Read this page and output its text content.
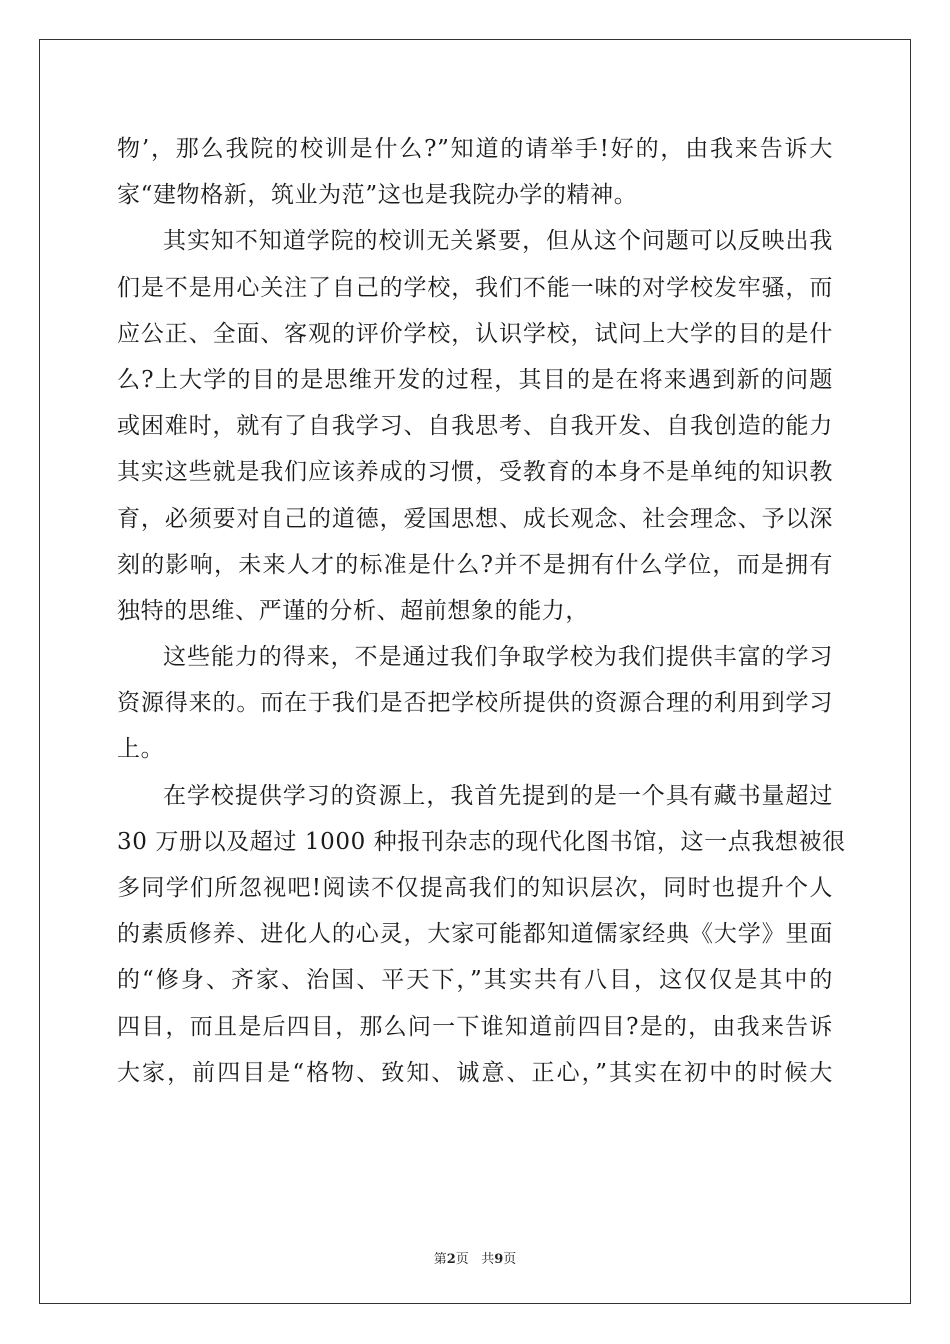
物’，那么我院的校训是什么?”知道的请举手!好的，由我来告诉大
家“建物格新，筑业为范”这也是我院办学的精神。
其实知不知道学院的校训无关紧要，但从这个问题可以反映出我
们是不是用心关注了自己的学校，我们不能一味的对学校发牢骚，而
应公正、全面、客观的评价学校，认识学校，试问上大学的目的是什
么?上大学的目的是思维开发的过程，其目的是在将来遇到新的问题
或困难时，就有了自我学习、自我思考、自我开发、自我创造的能力
其实这些就是我们应该养成的习惯，受教育的本身不是单纯的知识教
育，必须要对自己的道德，爱国思想、成长观念、社会理念、予以深
刻的影响，未来人才的标准是什么?并不是拥有什么学位，而是拥有
独特的思维、严谨的分析、超前想象的能力，
这些能力的得来，不是通过我们争取学校为我们提供丰富的学习
资源得来的。而在于我们是否把学校所提供的资源合理的利用到学习
上。
在学校提供学习的资源上，我首先提到的是一个具有藏书量超过
30 万册以及超过 1000 种报刊杂志的现代化图书馆，这一点我想被很
多同学们所忽视吧!阅读不仅提高我们的知识层次，同时也提升个人
的素质修养、进化人的心灵，大家可能都知道儒家经典《大学》里面
的“修身、齐家、治国、平天下，”其实共有八目，这仅仅是其中的
四目，而且是后四目，那么问一下谁知道前四目?是的，由我来告诉
大家，前四目是“格物、致知、诚意、正心，”其实在初中的时候大
第2页 共9页
